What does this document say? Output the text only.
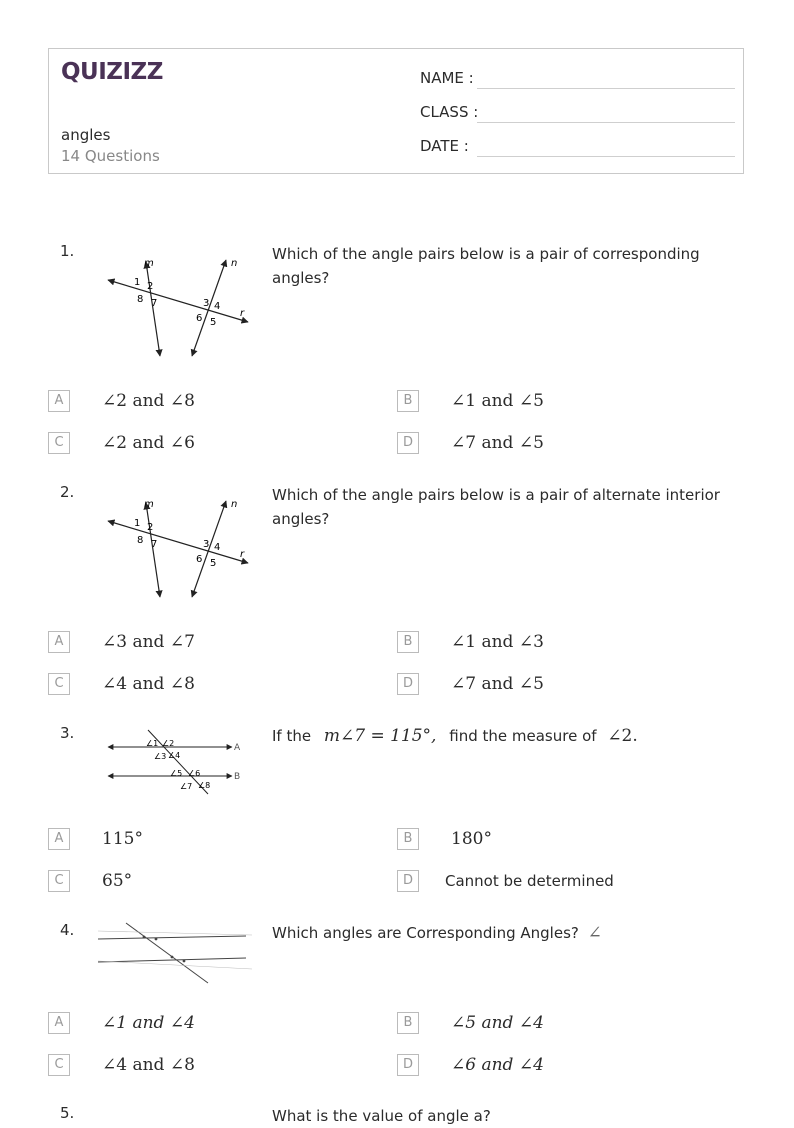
QUIZIZZ
angles
14 Questions
NAME :
CLASS :
DATE :
1.	Which of the angle pairs below is a pair of corresponding angles?
m	n
r
1 2
8 7	3 4
6 5
A	∠2 and ∠8	B	∠1 and ∠5
C	∠2 and ∠6	D	∠7 and ∠5
2.	Which of the angle pairs below is a pair of alternate interior angles?
m	n
r
1 2
8 7	3 4
6 5
A	∠3 and ∠7	B	∠1 and ∠3
C	∠4 and ∠8	D	∠7 and ∠5
3.	If the m∠7 = 115°, find the measure of ∠2.
A
B
∠1 ∠2
∠3 ∠4
∠5 ∠6
∠7 ∠8
A	115°	B	180°
C	65°	D	Cannot be determined
4.	Which angles are Corresponding Angles? ∠
A	∠1 and ∠4	B	∠5 and ∠4
C	∠4 and ∠8	D	∠6 and ∠4
5.	What is the value of angle a?
